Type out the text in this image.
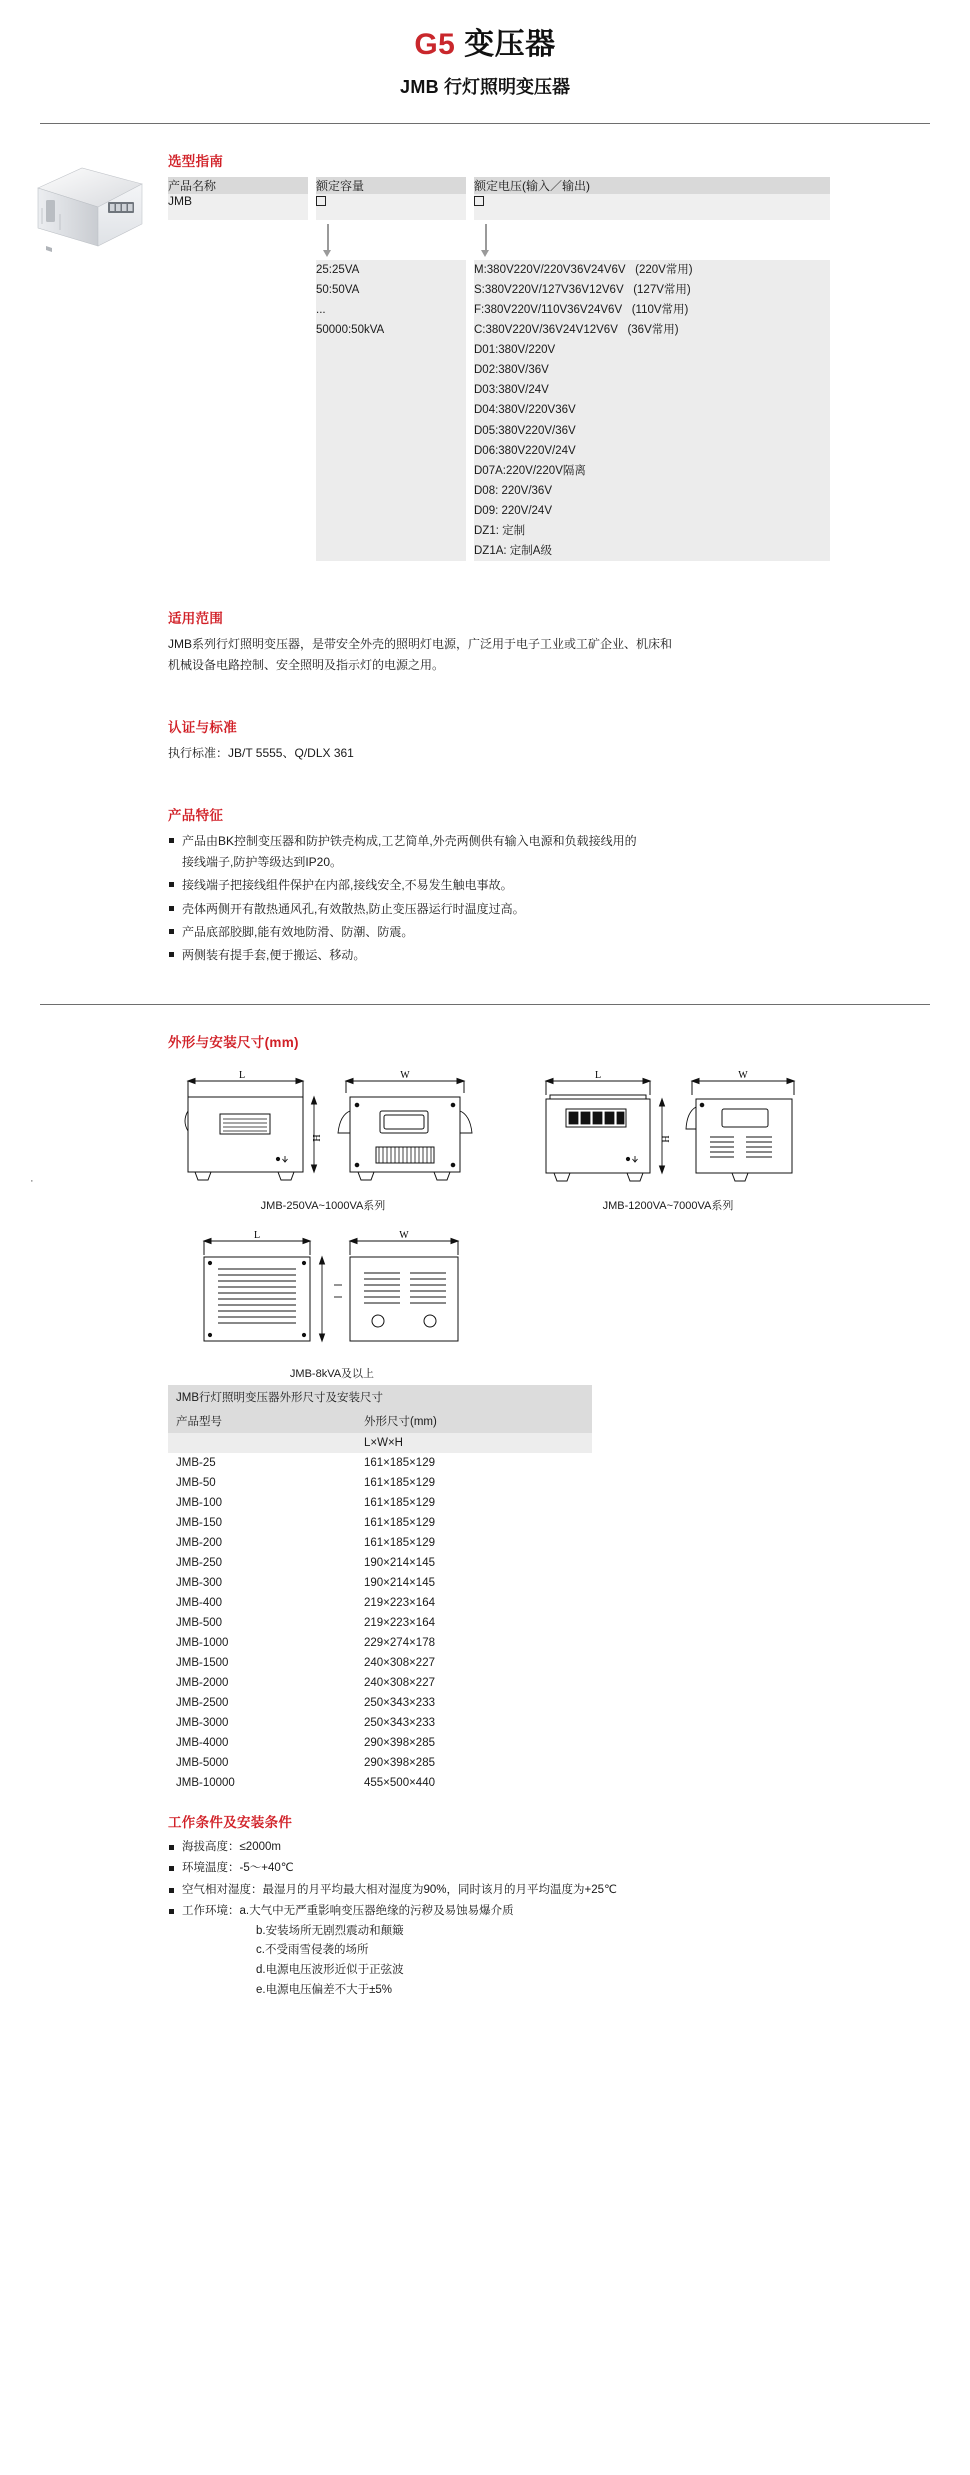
G5 变压器
JMB 行灯照明变压器
选型指南
产品名称		额定容量		额定电压(输入／输出)
JMB				

25:25VA
50:50VA
...
50000:50kVA

M:380V220V/220V36V24V6V   (220V常用)
S:380V220V/127V36V12V6V   (127V常用)
F:380V220V/110V36V24V6V   (110V常用)
C:380V220V/36V24V12V6V   (36V常用)
D01:380V/220V
D02:380V/36V
D03:380V/24V
D04:380V/220V36V
D05:380V220V/36V
D06:380V220V/24V
D07A:220V/220V隔离
D08: 220V/36V
D09: 220V/24V
DZ1: 定制
DZ1A: 定制A级
适用范围
JMB系列行灯照明变压器，是带安全外壳的照明灯电源，广泛用于电子工业或工矿企业、机床和
机械设备电路控制、安全照明及指示灯的电源之用。
认证与标准
执行标准：JB/T 5555、Q/DLX 361
产品特征
产品由BK控制变压器和防护铁壳构成,工艺简单,外壳两侧供有输入电源和负载接线用的
接线端子,防护等级达到IP20。
接线端子把接线组件保护在内部,接线安全,不易发生触电事故。
壳体两侧开有散热通风孔,有效散热,防止变压器运行时温度过高。
产品底部胶脚,能有效地防滑、防潮、防震。
两侧装有提手套,便于搬运、移动。
外形与安装尺寸(mm)
L
H
W
JMB-250VA~1000VA系列
L
H
W
JMB-1200VA~7000VA系列
L	W
JMB-8kVA及以上
JMB行灯照明变压器外形尺寸及安装尺寸	
产品型号	外形尺寸(mm)
	L×W×H
JMB-25	161×185×129
JMB-50	161×185×129
JMB-100	161×185×129
JMB-150	161×185×129
JMB-200	161×185×129
JMB-250	190×214×145
JMB-300	190×214×145
JMB-400	219×223×164
JMB-500	219×223×164
JMB-1000	229×274×178
JMB-1500	240×308×227
JMB-2000	240×308×227
JMB-2500	250×343×233
JMB-3000	250×343×233
JMB-4000	290×398×285
JMB-5000	290×398×285
JMB-10000	455×500×440
工作条件及安装条件
海拔高度：≤2000m
环境温度：-5～+40℃
空气相对湿度：最湿月的月平均最大相对湿度为90%，同时该月的月平均温度为+25℃
工作环境：a.大气中无严重影响变压器绝缘的污秽及易蚀易爆介质
b.安装场所无剧烈震动和颠簸
c.不受雨雪侵袭的场所
d.电源电压波形近似于正弦波
e.电源电压偏差不大于±5%
·
